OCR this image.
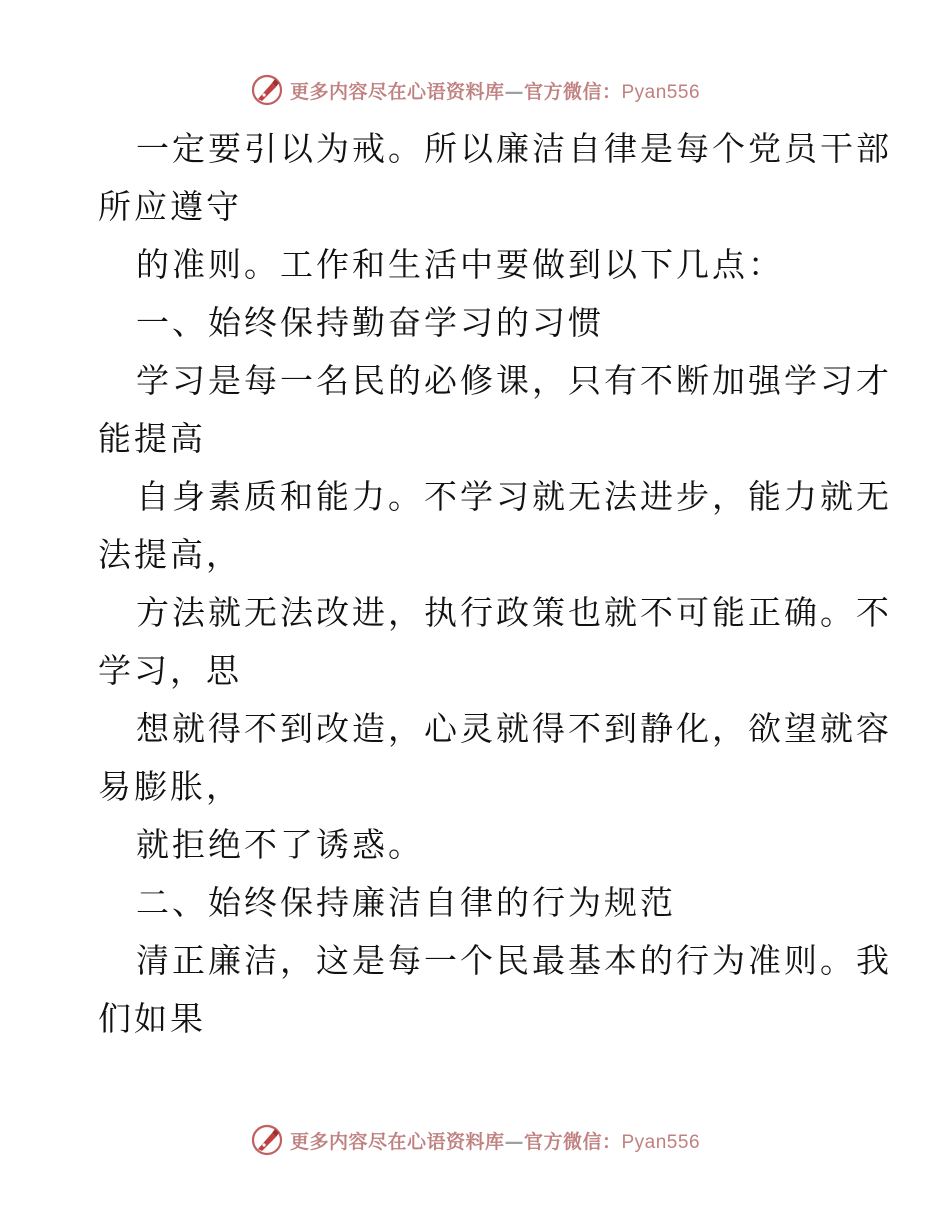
更多内容尽在心语资料库—官方微信：Pyan556

一定要引以为戒。所以廉洁自律是每个党员干部
所应遵守

的准则。工作和生活中要做到以下几点：

一、始终保持勤奋学习的习惯

学习是每一名民的必修课，只有不断加强学习才
能提高

自身素质和能力。不学习就无法进步，能力就无
法提高，

方法就无法改进，执行政策也就不可能正确。不
学习，思

想就得不到改造，心灵就得不到静化，欲望就容
易膨胀，

就拒绝不了诱惑。

二、始终保持廉洁自律的行为规范

清正廉洁，这是每一个民最基本的行为准则。我
们如果

更多内容尽在心语资料库—官方微信：Pyan556
